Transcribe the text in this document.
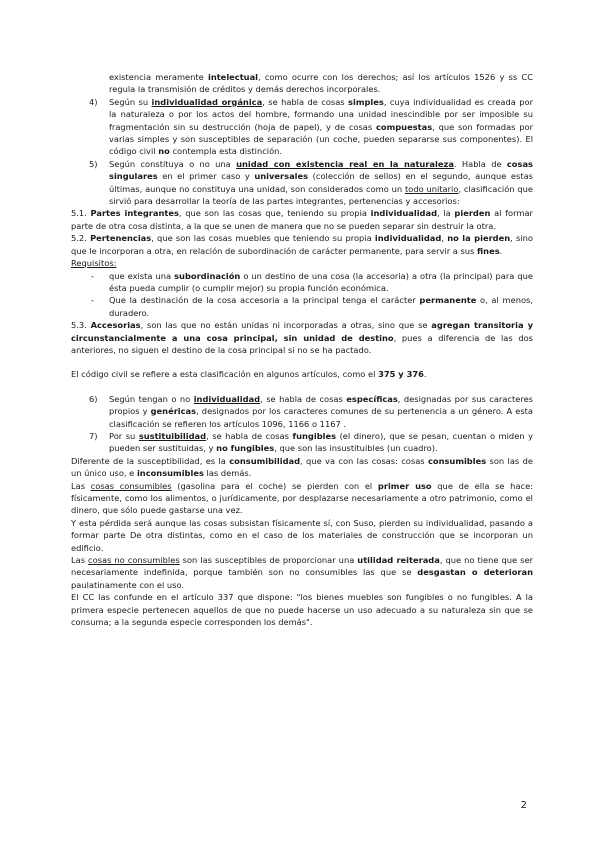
existencia meramente intelectual, como ocurre con los derechos; así los artículos 1526 y ss CC regula la transmisión de créditos y demás derechos incorporales.

4) Según su individualidad orgánica, se habla de cosas simples, cuya individualidad es creada por la naturaleza o por los actos del hombre, formando una unidad inescindible por ser imposible su fragmentación sin su destrucción (hoja de papel), y de cosas compuestas, que son formadas por varias simples y son susceptibles de separación (un coche, pueden separarse sus componentes). El código civil no contempla esta distinción.
5) Según constituya o no una unidad con existencia real en la naturaleza. Habla de cosas singulares en el primer caso y universales (colección de sellos) en el segundo, aunque estas últimas, aunque no constituya una unidad, son considerados como un todo unitario, clasificación que sirvió para desarrollar la teoría de las partes integrantes, pertenencias y accesorios:

5.1. Partes integrantes, que son las cosas que, teniendo su propia individualidad, la pierden al formar parte de otra cosa distinta, a la que se unen de manera que no se pueden separar sin destruir la otra.

5.2. Pertenencias, que son las cosas muebles que teniendo su propia individualidad, no la pierden, sino que le incorporan a otra, en relación de subordinación de carácter permanente, para servir a sus fines.

Requisitos:

- que exista una subordinación o un destino de una cosa (la accesoria) a otra (la principal) para que ésta pueda cumplir (o cumplir mejor) su propia función económica.
- Que la destinación de la cosa accesoria a la principal tenga el carácter permanente o, al menos, duradero.

5.3. Accesorias, son las que no están unidas ni incorporadas a otras, sino que se agregan transitoria y circunstancialmente a una cosa principal, sin unidad de destino, pues a diferencia de las dos anteriores, no siguen el destino de la cosa principal si no se ha pactado.

El código civil se refiere a esta clasificación en algunos artículos, como el 375 y 376.

6) Según tengan o no individualidad, se habla de cosas específicas, designadas por sus caracteres propios y genéricas, designados por los caracteres comunes de su pertenencia a un género. A esta clasificación se refieren los artículos 1096, 1166 o 1167 .
7) Por su sustituibilidad, se habla de cosas fungibles (el dinero), que se pesan, cuentan o miden y pueden ser sustituidas, y no fungibles, que son las insustituibles (un cuadro).

Diferente de la susceptibilidad, es la consumibilidad, que va con las cosas: cosas consumibles son las de un único uso, e inconsumibles las demás.

Las cosas consumibles (gasolina para el coche) se pierden con el primer uso que de ella se hace: físicamente, como los alimentos, o jurídicamente, por desplazarse necesariamente a otro patrimonio, como el dinero, que sólo puede gastarse una vez.

Y esta pérdida será aunque las cosas subsistan físicamente sí, con Suso, pierden su individualidad, pasando a formar parte De otra distintas, como en el caso de los materiales de construcción que se incorporan un edificio.

Las cosas no consumibles son las susceptibles de proporcionar una utilidad reiterada, que no tiene que ser necesariamente indefinida, porque también son no consumibles las que se desgastan o deterioran paulatinamente con el uso.

El CC las confunde en el artículo 337 que dispone: "los bienes muebles son fungibles o no fungibles. A la primera especie pertenecen aquellos de que no puede hacerse un uso adecuado a su naturaleza sin que se consuma; a la segunda especie corresponden los demás".

2
